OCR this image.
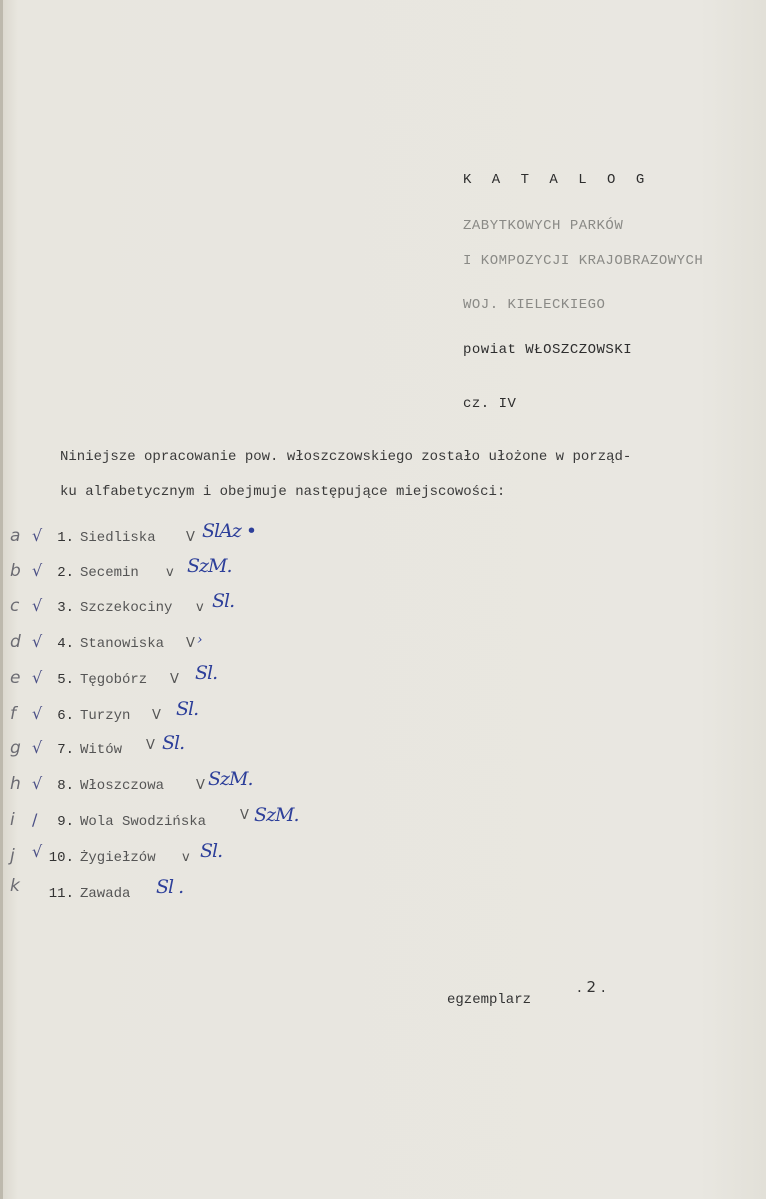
K A T A L O G
ZABYTKOWYCH PARKÓW
I KOMPOZYCJI KRAJOBRAZOWYCH
WOJ. KIELECKIEGO
powiat WŁOSZCZOWSKI
cz. IV
Niniejsze opracowanie pow. włoszczowskiego zostało ułożone w porząd-
ku alfabetycznym i obejmuje następujące miejscowości:
a √	1. Siedliska V SlAz •
b √	2. Secemin v SzM.
c √	3. Szczekociny v Sl.
d √	4. Stanowiska V ›
e √	5. Tęgobórz V Sl.
f √	6. Turzyn V Sl.
g √	7. Witów V Sl.
h √	8. Włoszczowa V SzM.
i /	9. Wola Swodzińska	V SzM.
j √ 10. Żygiełzów v Sl.
k 11. Zawada Sl .
egzemplarz
. 2 .
